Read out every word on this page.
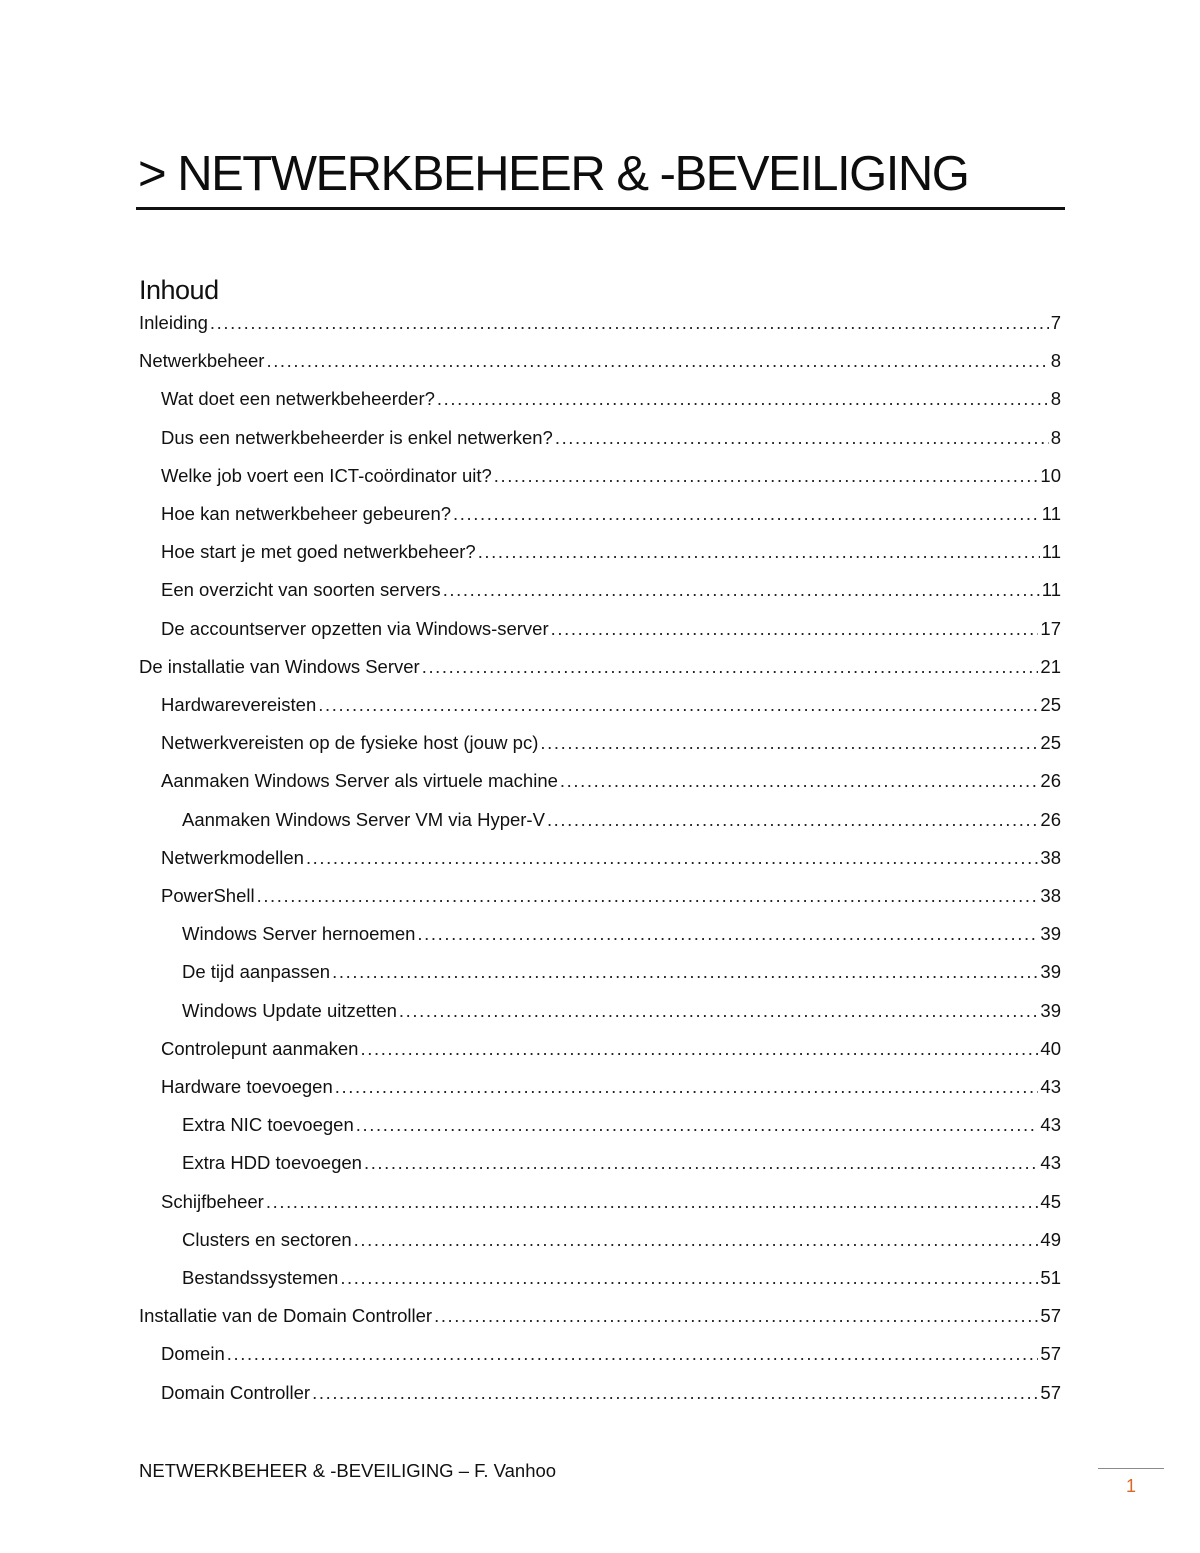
> NETWERKBEHEER & -BEVEILIGING
Inhoud
Inleiding .....	7
Netwerkbeheer .....	8
Wat doet een netwerkbeheerder? .....	8
Dus een netwerkbeheerder is enkel netwerken? .....	8
Welke job voert een ICT-coördinator uit? .....	10
Hoe kan netwerkbeheer gebeuren? .....	11
Hoe start je met goed netwerkbeheer? .....	11
Een overzicht van soorten servers .....	11
De accountserver opzetten via Windows-server .....	17
De installatie van Windows Server .....	21
Hardwarevereisten .....	25
Netwerkvereisten op de fysieke host (jouw pc) .....	25
Aanmaken Windows Server als virtuele machine .....	26
Aanmaken Windows Server VM via Hyper-V .....	26
Netwerkmodellen .....	38
PowerShell .....	38
Windows Server hernoemen .....	39
De tijd aanpassen .....	39
Windows Update uitzetten .....	39
Controlepunt aanmaken .....	40
Hardware toevoegen .....	43
Extra NIC toevoegen .....	43
Extra HDD toevoegen .....	43
Schijfbeheer .....	45
Clusters en sectoren .....	49
Bestandssystemen .....	51
Installatie van de Domain Controller .....	57
Domein .....	57
Domain Controller .....	57
NETWERKBEHEER & -BEVEILIGING – F. Vanhoo
1
